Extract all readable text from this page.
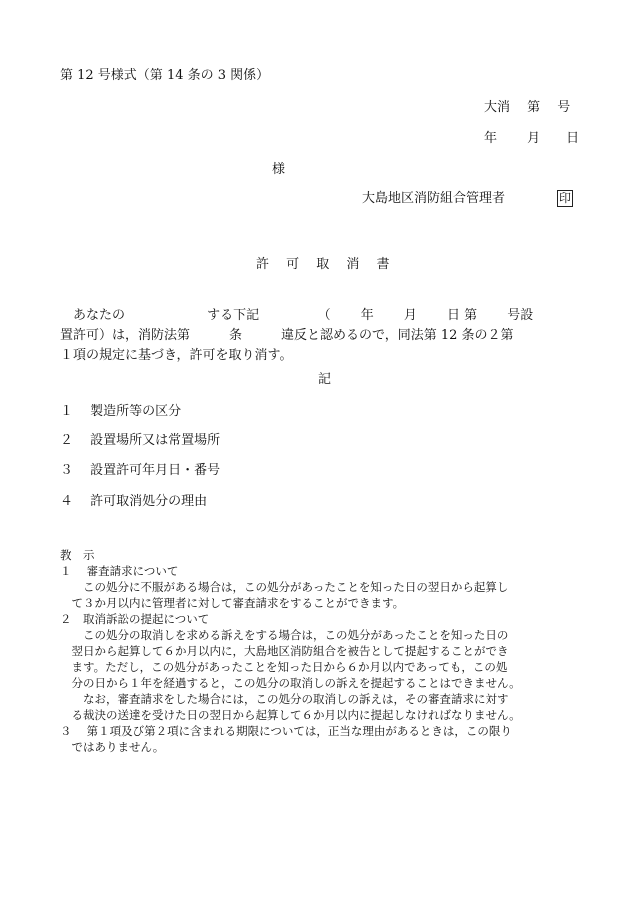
第 12 号様式（第 14 条の 3 関係）
大消　 第　 号
年　　 月　　日
様
大島地区消防組合管理者	印
許　 可　 取　 消　 書
　あなたの　　　　　　 する下記　　　　　（　　 年　　 月　　 日 第　　 号設
置許可）は，消防法第　　　条　　　違反と認めるので，同法第 12 条の２第
１項の規定に基づき，許可を取り消す。
記
１　 製造所等の区分
２　 設置場所又は常置場所
３　 設置許可年月日・番号
４　 許可取消処分の理由
教　示
１　 審査請求について
　　この処分に不服がある場合は，この処分があったことを知った日の翌日から起算し
　て３か月以内に管理者に対して審査請求をすることができます。
２　取消訴訟の提起について
　　この処分の取消しを求める訴えをする場合は，この処分があったことを知った日の
　翌日から起算して６か月以内に，大島地区消防組合を被告として提起することができ
　ます。ただし，この処分があったことを知った日から６か月以内であっても，この処
　分の日から１年を経過すると，この処分の取消しの訴えを提起することはできません。
　　なお，審査請求をした場合には，この処分の取消しの訴えは，その審査請求に対す
　る裁決の送達を受けた日の翌日から起算して６か月以内に提起しなければなりません。
３　 第１項及び第２項に含まれる期限については，正当な理由があるときは，この限り
　ではありません。
